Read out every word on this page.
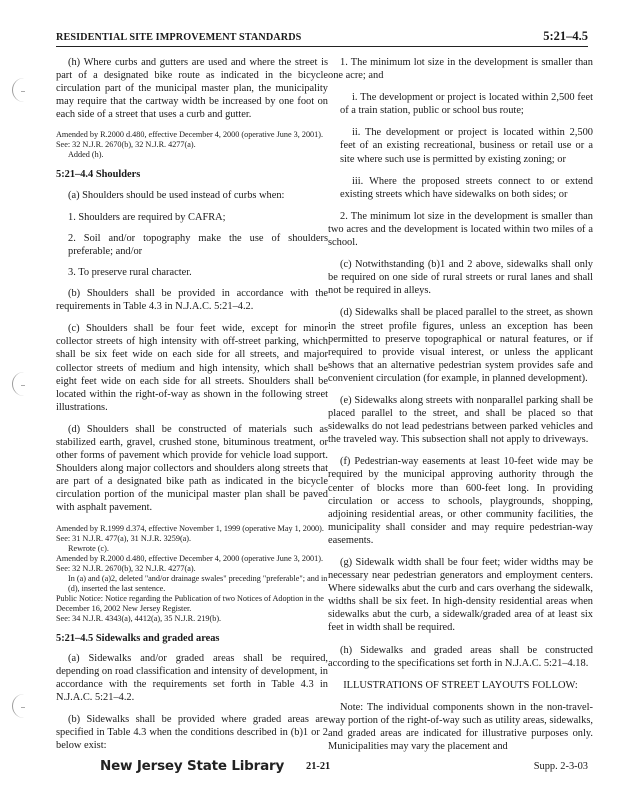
RESIDENTIAL SITE IMPROVEMENT STANDARDS	5:21–4.5

(h) Where curbs and gutters are used and where the street is part of a designated bike route as indicated in the bicycle circulation part of the municipal master plan, the municipality may require that the cartway width be increased by one foot on each side of a street that uses a curb and gutter.

Amended by R.2000 d.480, effective December 4, 2000 (operative June 3, 2001).
See: 32 N.J.R. 2670(b), 32 N.J.R. 4277(a).
Added (h).

5:21–4.4 Shoulders

(a) Shoulders should be used instead of curbs when:

1. Shoulders are required by CAFRA;

2. Soil and/or topography make the use of shoulders preferable; and/or

3. To preserve rural character.

(b) Shoulders shall be provided in accordance with the requirements in Table 4.3 in N.J.A.C. 5:21–4.2.

(c) Shoulders shall be four feet wide, except for minor collector streets of high intensity with off-street parking, which shall be six feet wide on each side for all streets, and major collector streets of medium and high intensity, which shall be eight feet wide on each side for all streets. Shoulders shall be located within the right-of-way as shown in the following street illustrations.

(d) Shoulders shall be constructed of materials such as stabilized earth, gravel, crushed stone, bituminous treatment, or other forms of pavement which provide for vehicle load support. Shoulders along major collectors and shoulders along streets that are part of a designated bike path as indicated in the bicycle circulation portion of the municipal master plan shall be paved with asphalt pavement.

Amended by R.1999 d.374, effective November 1, 1999 (operative May 1, 2000).
See: 31 N.J.R. 477(a), 31 N.J.R. 3259(a).
Rewrote (c).
Amended by R.2000 d.480, effective December 4, 2000 (operative June 3, 2001).
See: 32 N.J.R. 2670(b), 32 N.J.R. 4277(a).
In (a) and (a)2, deleted "and/or drainage swales" preceding "preferable"; and in (d), inserted the last sentence.
Public Notice: Notice regarding the Publication of two Notices of Adoption in the December 16, 2002 New Jersey Register.
See: 34 N.J.R. 4343(a), 4412(a), 35 N.J.R. 219(b).

5:21–4.5 Sidewalks and graded areas

(a) Sidewalks and/or graded areas shall be required, depending on road classification and intensity of development, in accordance with the requirements set forth in Table 4.3 in N.J.A.C. 5:21–4.2.

(b) Sidewalks shall be provided where graded areas are specified in Table 4.3 when the conditions described in (b)1 or 2 below exist:

1. The minimum lot size in the development is smaller than one acre; and

i. The development or project is located within 2,500 feet of a train station, public or school bus route;

ii. The development or project is located within 2,500 feet of an existing recreational, business or retail use or a site where such use is permitted by existing zoning; or

iii. Where the proposed streets connect to or extend existing streets which have sidewalks on both sides; or

2. The minimum lot size in the development is smaller than two acres and the development is located within two miles of a school.

(c) Notwithstanding (b)1 and 2 above, sidewalks shall only be required on one side of rural streets or rural lanes and shall not be required in alleys.

(d) Sidewalks shall be placed parallel to the street, as shown in the street profile figures, unless an exception has been permitted to preserve topographical or natural features, or if required to provide visual interest, or unless the applicant shows that an alternative pedestrian system provides safe and convenient circulation (for example, in planned development).

(e) Sidewalks along streets with nonparallel parking shall be placed parallel to the street, and shall be placed so that sidewalks do not lead pedestrians between parked vehicles and the traveled way. This subsection shall not apply to driveways.

(f) Pedestrian-way easements at least 10-feet wide may be required by the municipal approving authority through the center of blocks more than 600-feet long. In providing circulation or access to schools, playgrounds, shopping, adjoining residential areas, or other community facilities, the municipality shall consider and may require pedestrian-way easements.

(g) Sidewalk width shall be four feet; wider widths may be necessary near pedestrian generators and employment centers. Where sidewalks abut the curb and cars overhang the sidewalk, widths shall be six feet. In high-density residential areas when sidewalks abut the curb, a sidewalk/graded area of at least six feet in width shall be required.

(h) Sidewalks and graded areas shall be constructed according to the specifications set forth in N.J.A.C. 5:21–4.18.

ILLUSTRATIONS OF STREET LAYOUTS FOLLOW:

Note: The individual components shown in the non-travel-way portion of the right-of-way such as utility areas, sidewalks, and graded areas are indicated for illustrative purposes only. Municipalities may vary the placement and

New Jersey State Library 21-21	Supp. 2-3-03
